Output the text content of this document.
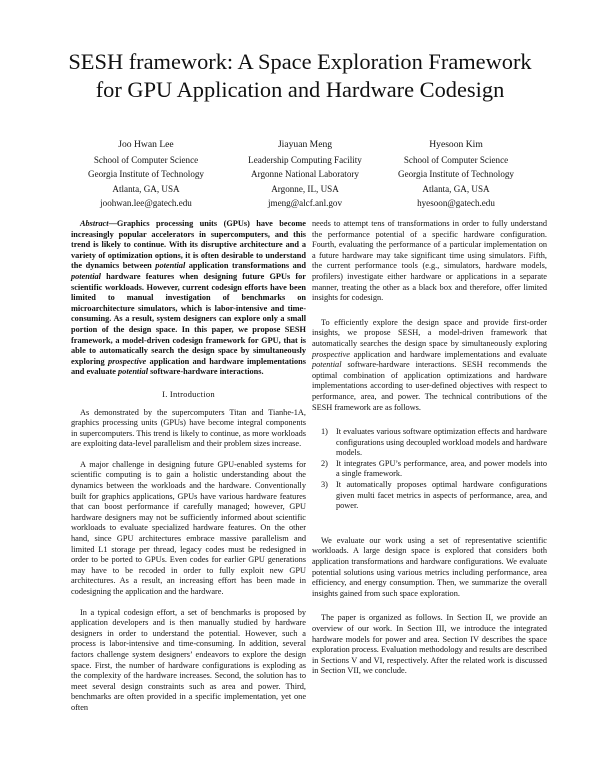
SESH framework: A Space Exploration Framework
for GPU Application and Hardware Codesign
Joo Hwan Lee
School of Computer Science
Georgia Institute of Technology
Atlanta, GA, USA
joohwan.lee@gatech.edu
Jiayuan Meng
Leadership Computing Facility
Argonne National Laboratory
Argonne, IL, USA
jmeng@alcf.anl.gov
Hyesoon Kim
School of Computer Science
Georgia Institute of Technology
Atlanta, GA, USA
hyesoon@gatech.edu

Abstract—Graphics processing units (GPUs) have become increasingly popular accelerators in supercomputers, and this trend is likely to continue. With its disruptive architecture and a variety of optimization options, it is often desirable to understand the dynamics between potential application transformations and potential hardware features when designing future GPUs for scientific workloads. However, current codesign efforts have been limited to manual investigation of benchmarks on microarchitecture simulators, which is labor-intensive and time-consuming. As a result, system designers can explore only a small portion of the design space. In this paper, we propose SESH framework, a model-driven codesign framework for GPU, that is able to automatically search the design space by simultaneously exploring prospective application and hardware implementations and evaluate potential software-hardware interactions.

I. Introduction

As demonstrated by the supercomputers Titan and Tianhe-1A, graphics processing units (GPUs) have become integral components in supercomputers. This trend is likely to continue, as more workloads are exploiting data-level parallelism and their problem sizes increase.

A major challenge in designing future GPU-enabled systems for scientific computing is to gain a holistic understanding about the dynamics between the workloads and the hardware. Conventionally built for graphics applications, GPUs have various hardware features that can boost performance if carefully managed; however, GPU hardware designers may not be sufficiently informed about scientific workloads to evaluate specialized hardware features. On the other hand, since GPU architectures embrace massive parallelism and limited L1 storage per thread, legacy codes must be redesigned in order to be ported to GPUs. Even codes for earlier GPU generations may have to be recoded in order to fully exploit new GPU architectures. As a result, an increasing effort has been made in codesigning the application and the hardware.

In a typical codesign effort, a set of benchmarks is proposed by application developers and is then manually studied by hardware designers in order to understand the potential. However, such a process is labor-intensive and time-consuming. In addition, several factors challenge system designers’ endeavors to explore the design space. First, the number of hardware configurations is exploding as the complexity of the hardware increases. Second, the solution has to meet several design constraints such as area and power. Third, benchmarks are often provided in a specific implementation, yet one often

needs to attempt tens of transformations in order to fully understand the performance potential of a specific hardware configuration. Fourth, evaluating the performance of a particular implementation on a future hardware may take significant time using simulators. Fifth, the current performance tools (e.g., simulators, hardware models, profilers) investigate either hardware or applications in a separate manner, treating the other as a black box and therefore, offer limited insights for codesign.

To efficiently explore the design space and provide first-order insights, we propose SESH, a model-driven framework that automatically searches the design space by simultaneously exploring prospective application and hardware implementations and evaluate potential software-hardware interactions. SESH recommends the optimal combination of application optimizations and hardware implementations according to user-defined objectives with respect to performance, area, and power. The technical contributions of the SESH framework are as follows.

1) It evaluates various software optimization effects and hardware configurations using decoupled workload models and hardware models.
2) It integrates GPU’s performance, area, and power models into a single framework.
3) It automatically proposes optimal hardware configurations given multi facet metrics in aspects of performance, area, and power.

We evaluate our work using a set of representative scientific workloads. A large design space is explored that considers both application transformations and hardware configurations. We evaluate potential solutions using various metrics including performance, area efficiency, and energy consumption. Then, we summarize the overall insights gained from such space exploration.

The paper is organized as follows. In Section II, we provide an overview of our work. In Section III, we introduce the integrated hardware models for power and area. Section IV describes the space exploration process. Evaluation methodology and results are described in Sections V and VI, respectively. After the related work is discussed in Section VII, we conclude.
